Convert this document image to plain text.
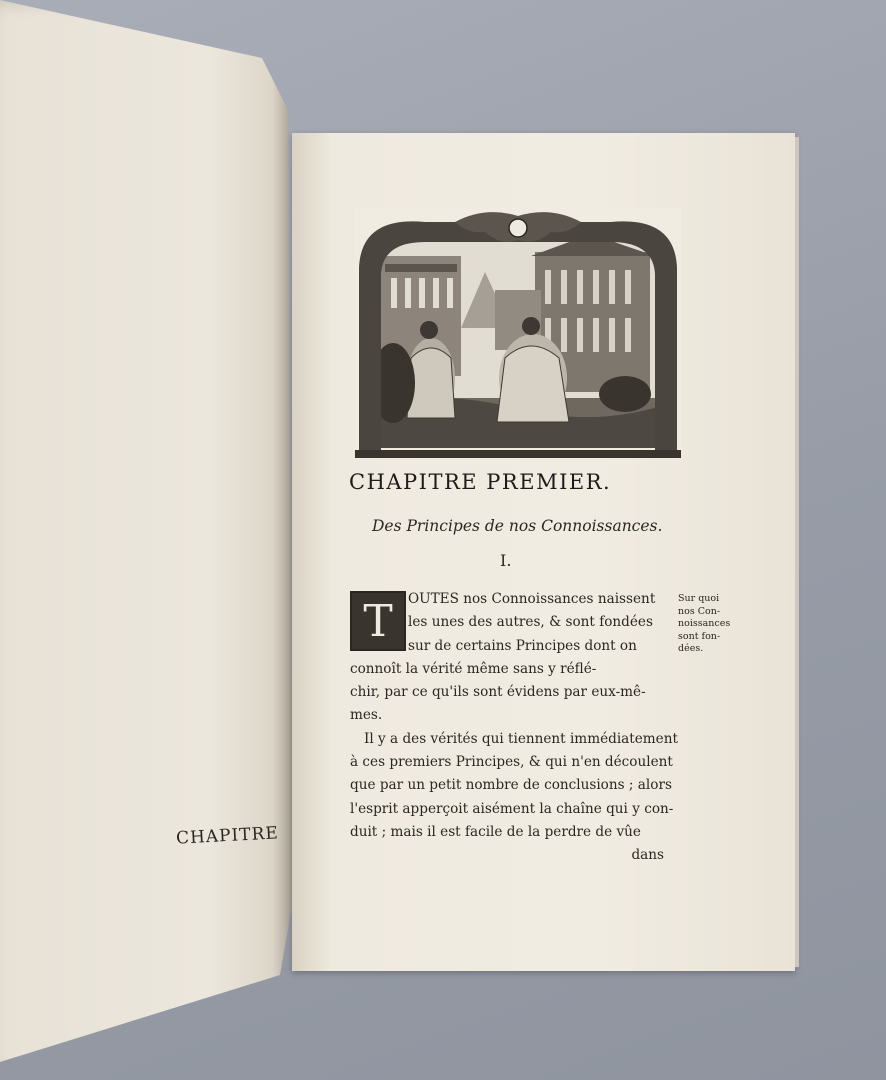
CHAPITRE
CHAPITRE PREMIER.
Des Principes de nos Connoissances.
I.
T	OUTES nos Connoissances naissent
les unes des autres, & sont fondées
sur de certains Principes dont on
connoît la vérité même sans y réflé-
chir, par ce qu'ils sont évidens par eux-mê-
mes.
Il y a des vérités qui tiennent immédiatement
à ces premiers Principes, & qui n'en découlent
que par un petit nombre de conclusions ; alors
l'esprit apperçoit aisément la chaîne qui y con-
duit ; mais il est facile de la perdre de vûe
dans
Sur quoi
nos Con-
noissances
sont fon-
dées.
